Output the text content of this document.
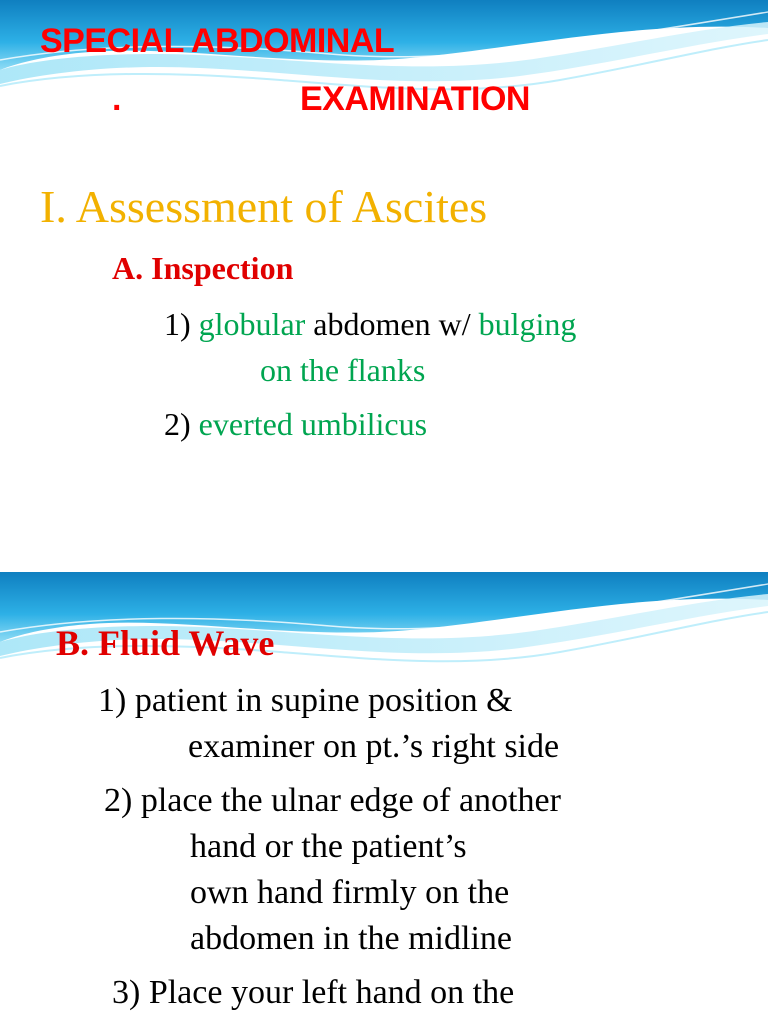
SPECIAL ABDOMINAL

.	EXAMINATION

I. Assessment of Ascites

A. Inspection

1) globular abdomen w/ bulging

on the flanks

2) everted umbilicus

B. Fluid Wave

1) patient in supine position &

examiner on pt.’s right side

2) place the ulnar edge of another

hand or the patient’s

own hand firmly on the

abdomen in the midline

3) Place your left hand on the
